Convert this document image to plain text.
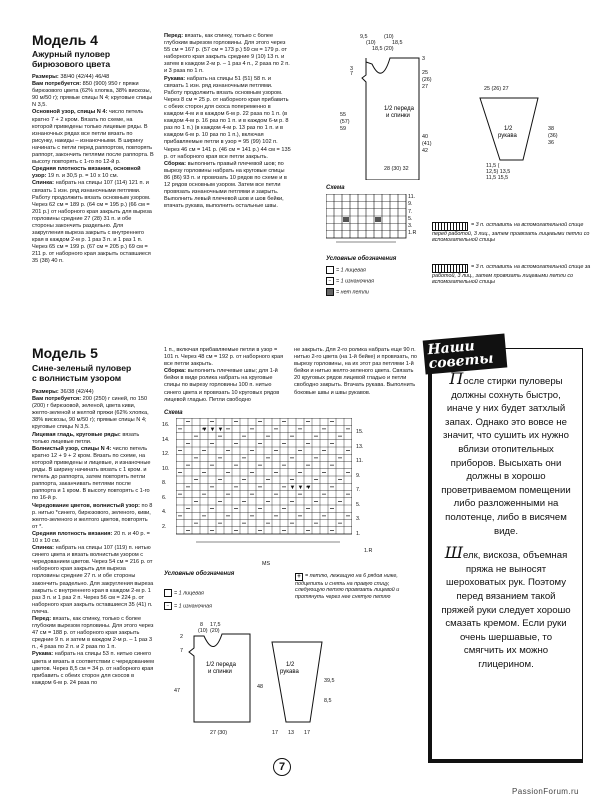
Модель 4
Ажурный пуловер
бирюзового цвета

Размеры: 38/40 (42/44) 46/48

Вам потребуется: 850 (900) 950 г пряжи бирюзового цвета (62% хлопка, 38% вискозы, 90 м/50 г); прямые спицы N 4; круговые спицы N 3,5.

Основной узор, спицы N 4: число петель кратно 7 + 2 кром. Вязать по схеме, на которой приведены только лицевые ряды. В изнаночных рядах все петли вязать по рисунку, накиды – изнаночными. В ширину начинать с петли перед раппортом, повторять раппорт, закончить петлями после раппорта. В высоту повторять с 1-го по 12-й р.

Средняя плотность вязания, основной узор: 19 п. и 30,5 р. = 10 х 10 см.

Спинка: набрать на спицы 107 (114) 121 п. и связать 1 изн. ряд изнаночными петлями. Работу продолжить вязать основным узором. Через 62 см = 189 р. (64 см = 195 р.) (66 см = 201 р.) от наборного края закрыть для выреза горловины средние 27 (28) 31 п. и обе стороны закончить раздельно. Для закругления выреза закрыть с внутреннего края в каждом 2-м р. 1 раз 3 п. и 1 раз 1 п. Через 65 см = 199 р. (67 см = 205 р.) 69 см = 211 р. от наборного края закрыть оставшиеся 35 (38) 40 п.

Перед: вязать, как спинку, только с более глубоким вырезом горловины. Для этого через 55 см = 167 р. (57 см = 173 р.) 59 см = 179 р. от наборного края закрыть средние 9 (10) 13 п. и затем в каждом 2-м р. – 1 раз 4 п., 2 раза по 2 п. и 3 раза по 1 п.

Рукава: набрать на спицы 51 (51) 58 п. и связать 1 изн. ряд изнаночными петлями. Работу продолжить вязать основным узором. Через 8 см = 25 р. от наборного края прибавить с обеих сторон для скоса попеременно в каждом 4-м и в каждом 6-м р. 22 раза по 1 п. (в каждом 4-м р. 16 раз по 1 п. и в каждом 6-м р. 8 раз по 1 п.) (в каждом 4-м р. 13 раз по 1 п. и в каждом 6-м р. 10 раз по 1 п.), включая прибавляемые петли в узор = 95 (99) 102 п. Через 46 см = 141 р. (46 см = 141 р.) 44 см = 135 р. от наборного края все петли закрыть.

Сборка: выполнить правый плечевой шов; по вырезу горловины набрать на круговые спицы 86 (86) 93 п. и провязать 10 рядов по схеме и в 12 рядов основным узором. Затем все петли провязать изнаночными петлями и закрыть. Выполнить левый плечевой шов и шов бейки, втачать рукава, выполнить остальные швы.

1/2 переда
и спинки
9,5
(10)
18,5 (20)
(10)
18,5
3
7
55
(57)
59
25
(26)
27
40
(41)
42
3
28 (30) 32
1/2
рукава
25 (26) 27
38
(36)
36
11,5 (
12,5) 13,5
11,5 15,5
Схема
11.
9.
7.
5.
3.
1.R
Условные обозначения
= 1 лицевая
− = 1 изнаночная
= нет петли
= 3 п. оставить на вспомогательной спице перед работой, 3 лиц., затем провязать лицевыми петли со вспомогательной спицы
= 3 п. оставить на вспомогательной спице за работой, 3 лиц., затем провязать лицевыми петли со вспомогательной спицы
Модель 5
Сине-зеленый пуловер
с волнистым узором

Размеры: 36/38 (42/44)

Вам потребуется: 200 (250) г синей, по 150 (200) г бирюзовой, зеленой, цвета киви, желто-зеленой и желтой пряжи (62% хлопка, 38% вискозы, 90 м/50 г); прямые спицы N 4; круговые спицы N 3,5.

Лицевая гладь, круговые ряды: вязать только лицевые петли.

Волнистый узор, спицы N 4: число петель кратно 12 + 9 + 2 кром. Вязать по схеме, на которой приведены и лицевые, и изнаночные ряды. В ширину начинать вязать с 1 кром. и петель до раппорта, затем повторять петли раппорта, заканчивать петлями после раппорта и 1 кром. В высоту повторять с 1-го по 16-й р.

Чередование цветов, волнистый узор: по 8 р. нитью *синего, бирюзового, зеленого, киви, желто-зеленого и желтого цветов, повторять от *.

Средняя плотность вязания: 20 п. и 40 р. = 10 х 10 см.

Спинка: набрать на спицы 107 (119) п. нитью синего цвета и вязать волнистым узором с чередованием цветов. Через 54 см = 216 р. от наборного края закрыть для выреза горловины средние 27 п. и обе стороны закончить раздельно. Для закругления выреза закрыть с внутреннего края в каждом 2-м р. 1 раз 3 п. и 1 раз 2 п. Через 56 см = 224 р. от наборного края закрыть оставшиеся 35 (41) п. плеча.

Перед: вязать, как спинку, только с более глубоким вырезом горловины. Для этого через 47 см = 188 р. от наборного края закрыть средние 9 п. и затем в каждом 2-м р. – 1 раз 3 п., 4 раза по 2 п. и 2 раза по 1 п.

Рукава: набрать на спицы 53 п. нитью синего цвета и вязать в соответствии с чередованием цветов. Через 8,5 см = 34 р. от наборного края прибавить с обеих сторон для скосов в каждом 6-м р. 24 раза по

1 п., включая прибавляемые петли в узор = 101 п. Через 48 см = 192 р. от наборного края все петли закрыть.

Сборка: выполнить плечевые швы; для 1-й бейки в виде ролика набрать на круговые спицы по вырезу горловины 100 п. нитью синего цвета и провязать 10 круговых рядов лицевой гладью. Петли свободно

не закрыть. Для 2-го ролика набрать еще 90 п. нитью 2-го цвета (на 1-й бейке) и провязать, по вырезу горловины, на их этот раз петлями 1-й бейки и нитью желто-зеленого цвета. Связать 20 круговых рядов лицевой гладью и петли свободно закрыть. Втачать рукава. Выполнить боковые швы и швы рукавов.

Схема
▼ ▼ ▼
▼ ▼ ▼
16.
14.
12.
10.
8.
6.
4.
2.
15.
13.
11.
9.
7.
5.
3.
1.
1.R
MS
Условные обозначения
= 1 лицевая
− = 1 изнаночная
+ = петлю, лежащую на 6 рядов ниже, подцепить и снять на правую спицу, следующую петлю провязать лицевой и протянуть через нее снятую петлю
1/2 переда
и спинки
8 17,5
(10) (20)
2
7
47
48
27 (30)
1/2
рукава
39,5
8,5
17 13 17
Наши советы

После стирки пуловеры должны сохнуть быстро, иначе у них будет затхлый запах. Однако это вовсе не значит, что сушить их нужно вблизи отопительных приборов. Высыхать они должны в хорошо проветриваемом помещении либо разложенными на полотенце, либо в висячем виде.

Шелк, вискоза, объемная пряжа не выносят шероховатых рук. Поэтому перед вязанием такой пряжей руки следует хорошо смазать кремом. Если руки очень шершавые, то смягчить их можно глицерином.

7
PassionForum.ru
